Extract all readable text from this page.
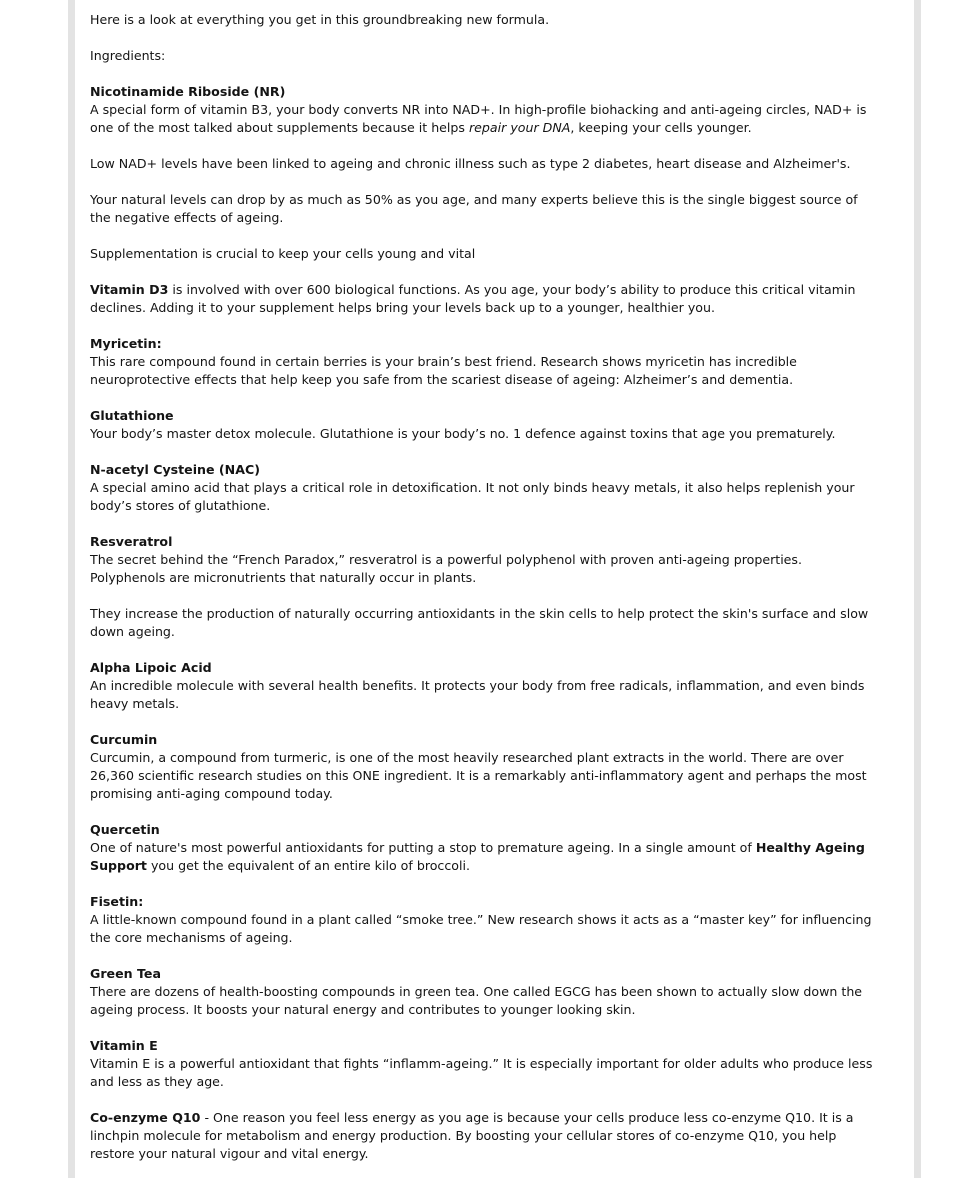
Here is a look at everything you get in this groundbreaking new formula.

Ingredients:

Nicotinamide Riboside (NR)
A special form of vitamin B3, your body converts NR into NAD+. In high-profile biohacking and anti-ageing circles, NAD+ is one of the most talked about supplements because it helps repair your DNA, keeping your cells younger.

Low NAD+ levels have been linked to ageing and chronic illness such as type 2 diabetes, heart disease and Alzheimer's.

Your natural levels can drop by as much as 50% as you age, and many experts believe this is the single biggest source of the negative effects of ageing.

Supplementation is crucial to keep your cells young and vital

Vitamin D3 is involved with over 600 biological functions. As you age, your body’s ability to produce this critical vitamin declines. Adding it to your supplement helps bring your levels back up to a younger, healthier you.

Myricetin:
This rare compound found in certain berries is your brain’s best friend. Research shows myricetin has incredible neuroprotective effects that help keep you safe from the scariest disease of ageing: Alzheimer’s and dementia.

Glutathione
Your body’s master detox molecule. Glutathione is your body’s no. 1 defence against toxins that age you prematurely.

N-acetyl Cysteine (NAC)
A special amino acid that plays a critical role in detoxification. It not only binds heavy metals, it also helps replenish your body’s stores of glutathione.

Resveratrol
The secret behind the “French Paradox,” resveratrol is a powerful polyphenol with proven anti-ageing properties. Polyphenols are micronutrients that naturally occur in plants.

They increase the production of naturally occurring antioxidants in the skin cells to help protect the skin's surface and slow down ageing.

Alpha Lipoic Acid
An incredible molecule with several health benefits. It protects your body from free radicals, inflammation, and even binds heavy metals.

Curcumin
Curcumin, a compound from turmeric, is one of the most heavily researched plant extracts in the world. There are over 26,360 scientific research studies on this ONE ingredient. It is a remarkably anti-inflammatory agent and perhaps the most promising anti-aging compound today.

Quercetin
One of nature's most powerful antioxidants for putting a stop to premature ageing. In a single amount of Healthy Ageing Support you get the equivalent of an entire kilo of broccoli.

Fisetin:
A little-known compound found in a plant called “smoke tree.” New research shows it acts as a “master key” for influencing the core mechanisms of ageing.

Green Tea
There are dozens of health-boosting compounds in green tea. One called EGCG has been shown to actually slow down the ageing process. It boosts your natural energy and contributes to younger looking skin.

Vitamin E
Vitamin E is a powerful antioxidant that fights “inflamm-ageing.” It is especially important for older adults who produce less and less as they age.

Co-enzyme Q10 - One reason you feel less energy as you age is because your cells produce less co-enzyme Q10. It is a linchpin molecule for metabolism and energy production. By boosting your cellular stores of co-enzyme Q10, you help restore your natural vigour and vital energy.
